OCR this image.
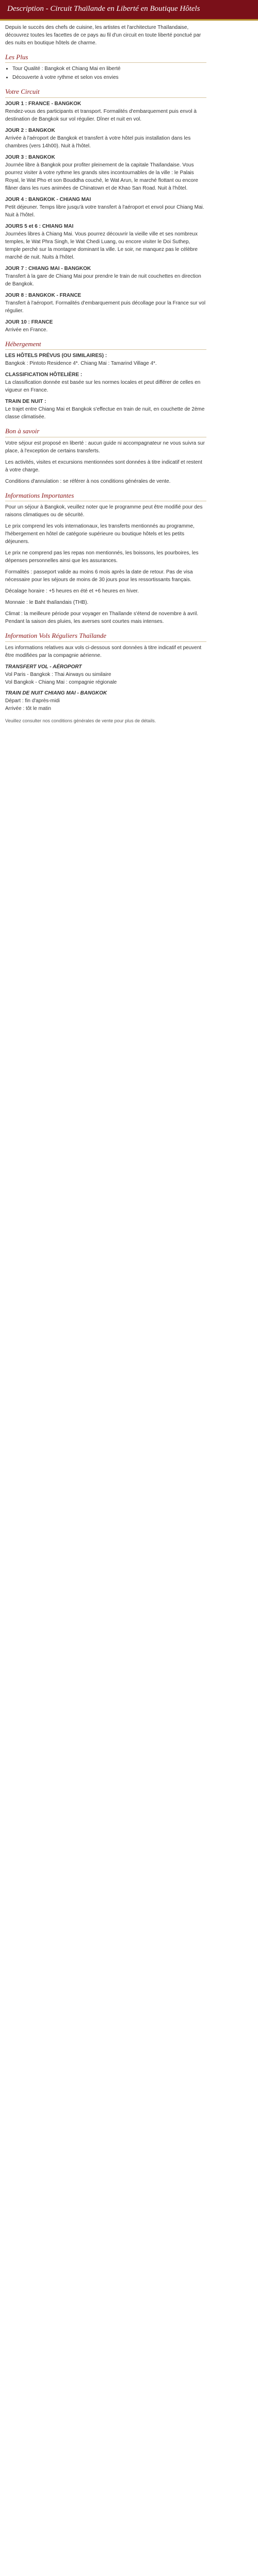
Description - Circuit Thaïlande en Liberté en Boutique Hôtels

Depuis le succès des chefs de cuisine, les artistes et l'architecture Thaïlandaise, découvrez toutes les facettes de ce pays au fil d'un circuit en toute liberté ponctué par des nuits en boutique hôtels de charme.

Les Plus
• Tour Qualité : Bangkok et Chiang Mai en liberté
• Découverte à votre rythme et selon vos envies
Votre Circuit

JOUR 1 : FRANCE - BANGKOK
Rendez-vous des participants et transport. Formalités d'embarquement puis envol à destination de Bangkok sur vol régulier. Dîner et nuit en vol.

JOUR 2 : BANGKOK
Arrivée à l'aéroport de Bangkok et transfert à votre hôtel puis installation dans les chambres (vers 14h00). Nuit à l'hôtel.

JOUR 3 : BANGKOK
Journée libre à Bangkok pour profiter pleinement de la capitale Thaïlandaise. Vous pourrez visiter à votre rythme les grands sites incontournables de la ville : le Palais Royal, le Wat Pho et son Bouddha couché, le Wat Arun, le marché flottant ou encore flâner dans les rues animées de Chinatown et de Khao San Road. Nuit à l'hôtel.

JOUR 4 : BANGKOK - CHIANG MAI
Petit déjeuner. Temps libre jusqu'à votre transfert à l'aéroport et envol pour Chiang Mai. Nuit à l'hôtel.

JOURS 5 et 6 : CHIANG MAI
Journées libres à Chiang Mai. Vous pourrez découvrir la vieille ville et ses nombreux temples, le Wat Phra Singh, le Wat Chedi Luang, ou encore visiter le Doi Suthep, temple perché sur la montagne dominant la ville. Le soir, ne manquez pas le célèbre marché de nuit. Nuits à l'hôtel.

JOUR 7 : CHIANG MAI - BANGKOK
Transfert à la gare de Chiang Mai pour prendre le train de nuit couchettes en direction de Bangkok.

JOUR 8 : BANGKOK - FRANCE
Transfert à l'aéroport. Formalités d'embarquement puis décollage pour la France sur vol régulier.

JOUR 10 : FRANCE
Arrivée en France.

Hébergement

LES HÔTELS PRÉVUS (OU SIMILAIRES) :
Bangkok : Pintoto Residence 4*. Chiang Mai : Tamarind Village 4*.

CLASSIFICATION HÔTELIÈRE :
La classification donnée est basée sur les normes locales et peut différer de celles en vigueur en France.

TRAIN DE NUIT :
Le trajet entre Chiang Mai et Bangkok s'effectue en train de nuit, en couchette de 2ème classe climatisée.

Bon à savoir

Votre séjour est proposé en liberté : aucun guide ni accompagnateur ne vous suivra sur place, à l'exception de certains transferts.

Les activités, visites et excursions mentionnées sont données à titre indicatif et restent à votre charge.

Conditions d'annulation : se référer à nos conditions générales de vente.

Informations Importantes

Pour un séjour à Bangkok, veuillez noter que le programme peut être modifié pour des raisons climatiques ou de sécurité.

Le prix comprend les vols internationaux, les transferts mentionnés au programme, l'hébergement en hôtel de catégorie supérieure ou boutique hôtels et les petits déjeuners.

Le prix ne comprend pas les repas non mentionnés, les boissons, les pourboires, les dépenses personnelles ainsi que les assurances.

Formalités : passeport valide au moins 6 mois après la date de retour. Pas de visa nécessaire pour les séjours de moins de 30 jours pour les ressortissants français.

Décalage horaire : +5 heures en été et +6 heures en hiver.

Monnaie : le Baht thaïlandais (THB).

Climat : la meilleure période pour voyager en Thaïlande s'étend de novembre à avril. Pendant la saison des pluies, les averses sont courtes mais intenses.

Information Vols Réguliers Thaïlande

Les informations relatives aux vols ci-dessous sont données à titre indicatif et peuvent être modifiées par la compagnie aérienne.

TRANSFERT VOL - AÉROPORT
Vol Paris - Bangkok : Thai Airways ou similaire
Vol Bangkok - Chiang Mai : compagnie régionale
TRAIN DE NUIT CHIANG MAI - BANGKOK
Départ : fin d'après-midi
Arrivée : tôt le matin

Veuillez consulter nos conditions générales de vente pour plus de détails.
